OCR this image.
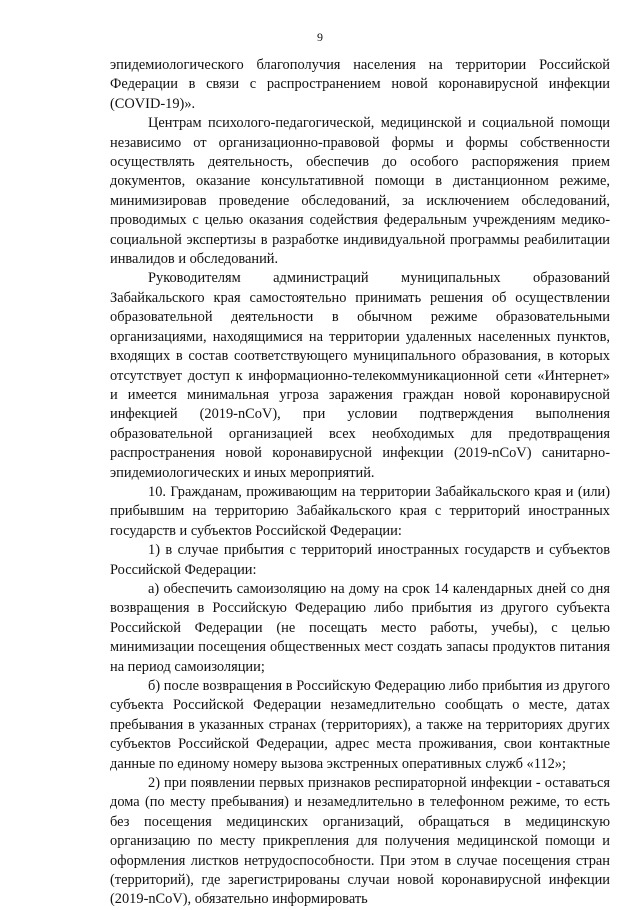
9

эпидемиологического благополучия населения на территории Российской Федерации в связи с распространением новой коронавирусной инфекции (COVID-19)».

Центрам психолого-педагогической, медицинской и социальной помощи независимо от организационно-правовой формы и формы собственности осуществлять деятельность, обеспечив до особого распоряжения прием документов, оказание консультативной помощи в дистанционном режиме, минимизировав проведение обследований, за исключением обследований, проводимых с целью оказания содействия федеральным учреждениям медико-социальной экспертизы в разработке индивидуальной программы реабилитации инвалидов и обследований.

Руководителям администраций муниципальных образований Забайкальского края самостоятельно принимать решения об осуществлении образовательной деятельности в обычном режиме образовательными организациями, находящимися на территории удаленных населенных пунктов, входящих в состав соответствующего муниципального образования, в которых отсутствует доступ к информационно-телекоммуникационной сети «Интернет» и имеется минимальная угроза заражения граждан новой коронавирусной инфекцией (2019-nCoV), при условии подтверждения выполнения образовательной организацией всех необходимых для предотвращения распространения новой коронавирусной инфекции (2019-nCoV) санитарно-эпидемиологических и иных мероприятий.

10. Гражданам, проживающим на территории Забайкальского края и (или) прибывшим на территорию Забайкальского края с территорий иностранных государств и субъектов Российской Федерации:

1) в случае прибытия с территорий иностранных государств и субъектов Российской Федерации:

а) обеспечить самоизоляцию на дому на срок 14 календарных дней со дня возвращения в Российскую Федерацию либо прибытия из другого субъекта Российской Федерации (не посещать место работы, учебы), с целью минимизации посещения общественных мест создать запасы продуктов питания на период самоизоляции;

б) после возвращения в Российскую Федерацию либо прибытия из другого субъекта Российской Федерации незамедлительно сообщать о месте, датах пребывания в указанных странах (территориях), а также на территориях других субъектов Российской Федерации, адрес места проживания, свои контактные данные по единому номеру вызова экстренных оперативных служб «112»;

2) при появлении первых признаков респираторной инфекции - оставаться дома (по месту пребывания) и незамедлительно в телефонном режиме, то есть без посещения медицинских организаций, обращаться в медицинскую организацию по месту прикрепления для получения медицинской помощи и оформления листков нетрудоспособности. При этом в случае посещения стран (территорий), где зарегистрированы случаи новой коронавирусной инфекции (2019-nCoV), обязательно информировать
